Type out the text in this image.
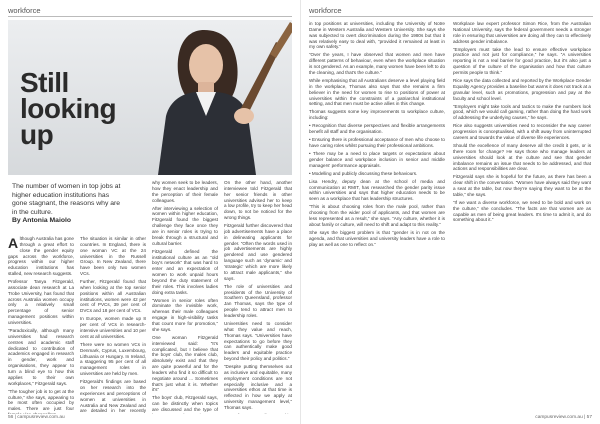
workforce
Still
looking
up
The number of women in top jobs at higher education institutions has gone stagnant, the reasons why are in the culture.
By Antonia Maiolo

Although Australia has gone through a great effort to close the gender equity gaps across the workforce, progress within our higher education institutions has stalled, new research suggests.

Professor Tanya Fitzgerald, associate dean research at La Trobe University, has found that across Australia women occupy only a relatively small percentage of senior management positions within universities.

“Paradoxically, although many universities had research centres and academic staff dedicated to contribution of academics engaged in research in gender, work and organisations, they appear to turn a blind eye to how this applies to their own workplaces,” Fitzgerald says.

“The tougher job is to get at the culture,” she says, appearing to be most often occupied by males. There are just four

The situation is similar in other countries. In England, there is one woman VC at the 24 universities in the Russell Group. In New Zealand, there have been only two women VCs.

Further, Fitzgerald found that when looking at the top senior positions within all Australian institutions, women were 42 per cent of PVCs, 39 per cent of DVCs and 18 per cent of VCs.

In Europe, women made up 8 per cent of VCs in research-intensive universities and 10 per cent at all universities.

There were no women VCs in Denmark, Cyprus, Luxembourg, Lithuania or Hungary. In Ireland, a staggering 95 per cent of all management roles in universities are held by men.

Fitzgerald's findings are based on her research into the experiences and perceptions of women at universities in Australia and New Zealand and are detailed in her recently

why women seek to be leaders, how they enact leadership and the perception of their female colleagues.

After interviewing a selection of women within higher education, Fitzgerald found the biggest challenge they face once they are in senior roles is trying to break through a structural and cultural barrier.

Fitzgerald defined the institutional culture as an “old boy's network” that was hard to enter and an expectation of women to work unpaid hours beyond the duty statement of their roles. This involves ladies doing extra tasks.

“Women in senior roles often dominate the invisible work, whereas their male colleagues engage in high-visibility tasks that count more for promotion,” she says.

One woman Fitzgerald interviewed said: “It's complicated, but I believe that the boys' club, the males club, absolutely exist and that they are quite powerful and for the leaders who find it so difficult to negotiate around ... Sometimes that's just what it is. Whether it's”

The boys' club, Fitzgerald says, can be distinctly when topics are discussed and the type of

On the other hand, another interviewee told Fitzgerald that her senior friends in other universities advised her to keep a low profile, try to keep her head down, to not be noticed for the wrong things.

Fitzgerald further discovered that job advertisements have a place in delineating applicants for gender. “Often the words used in job advertisements are highly gendered and use gendered language such as ‘dynamic’ and ‘strategic’ which are more likely to attract male applicants,” she says.

The role of universities and presidents of the University of Southern Queensland, professor Jan Thomas, says the type of people tend to attract men to leadership roles.

Universities need to consider what they value and reach, Thomas says. “Universities have expectations to go before they can authentically make good leaders and equitable practice beyond their policy and politics.”

“Despite putting themselves out as inclusive and equitable, many employment conditions are not especially inclusive and a universities ethos at that time is reflected in how we apply at university management level,” Thomas says.

56 | campusreview.com.au
workforce

in top positions at universities, including the University of Notre Dame in Western Australia and Western University. She says she was subjected to overt discrimination during the 1980s but that it was relatively easy to deal with, “provided it remained at least in my own safety.”

“Over the years, I have observed that women and men have different patterns of behaviour, even when the workplace situation is not gendered. As an example, many women have been left to do the cleaning, and that's the culture.”

While emphasising that all Australians deserve a level playing field in the workplace, Thomas also says that she remains a firm believer in the need for women to rise to positions of power at universities within the constraints of a patriarchal institutional setting, and that men must be active allies in this change.

Thomas suggests some key improvements to workplace culture, including:

• Recognition that diverse perspectives and flexible arrangements benefit all staff and the organisation.

• Ensuring there is professional acceptance of men who choose to have caring roles whilst pursuing their professional ambitions.

• There may be a need to place targets or expectations about gender balance and workplace inclusion in senior and middle managers' performance appraisals.

• Modelling and publicly discussing these behaviours.

Lisa Hendry, deputy dean at the school of media and communication at RMIT, has researched the gender parity issue within universities and says that higher education needs to be seen as a workplace that has leadership structures.

“This is about choosing roles from the male pool, rather than choosing from the wider pool of applicants, and that women are less represented as a result,” she says. “Any culture, whether it is about family or culture, will need to shift and adapt to this reality.”

She says the biggest problem is that “gender is in not on the agenda, and that universities and university leaders have a role to play as well as one to reflect on.”

Workplace law expert professor Simon Rice, from the Australian National University, says the federal government needs a stronger role in ensuring that universities are doing all they can to effectively address gender imbalance.

“Employers must take the lead to ensure effective workplace practice and not just for compliance,” he says. “A universities reporting is not a real barrier for good practice, but it's also just a question of the culture of the organisation and how that culture permits people to think.”

Rice says the data collected and reported by the Workplace Gender Equality Agency provides a baseline but warns it does not track at a granular level, such as promotions, progression and pay at the faculty and school level.

“Employers might take tools and tactics to make the numbers look good, which we would call gaming, rather than doing the hard work of addressing the underlying causes,” he says.

Rice also suggests universities need to reconsider the way career progression is conceptualised, with a shift away from uninterrupted careers and towards the value of diverse life experiences.

Should the excellence of many deserve all the credit it gets, or is there room for change? He says those who manage leaders at universities should look at the culture and see that gender imbalance remains an issue that needs to be addressed, and that actions and responsibilities are clear.

Fitzgerald says she is hopeful for the future, as there has been a clear shift in the conversation. “Women have always said they want a seat at the table, but now they're saying they want to be at the table,” she says.

“If we want a diverse workforce, we need to be bold and work on the culture,” she concludes. “The facts are that women are as capable as men of being great leaders. It's time to admit it, and do something about it.”

campusreview.com.au | 57
